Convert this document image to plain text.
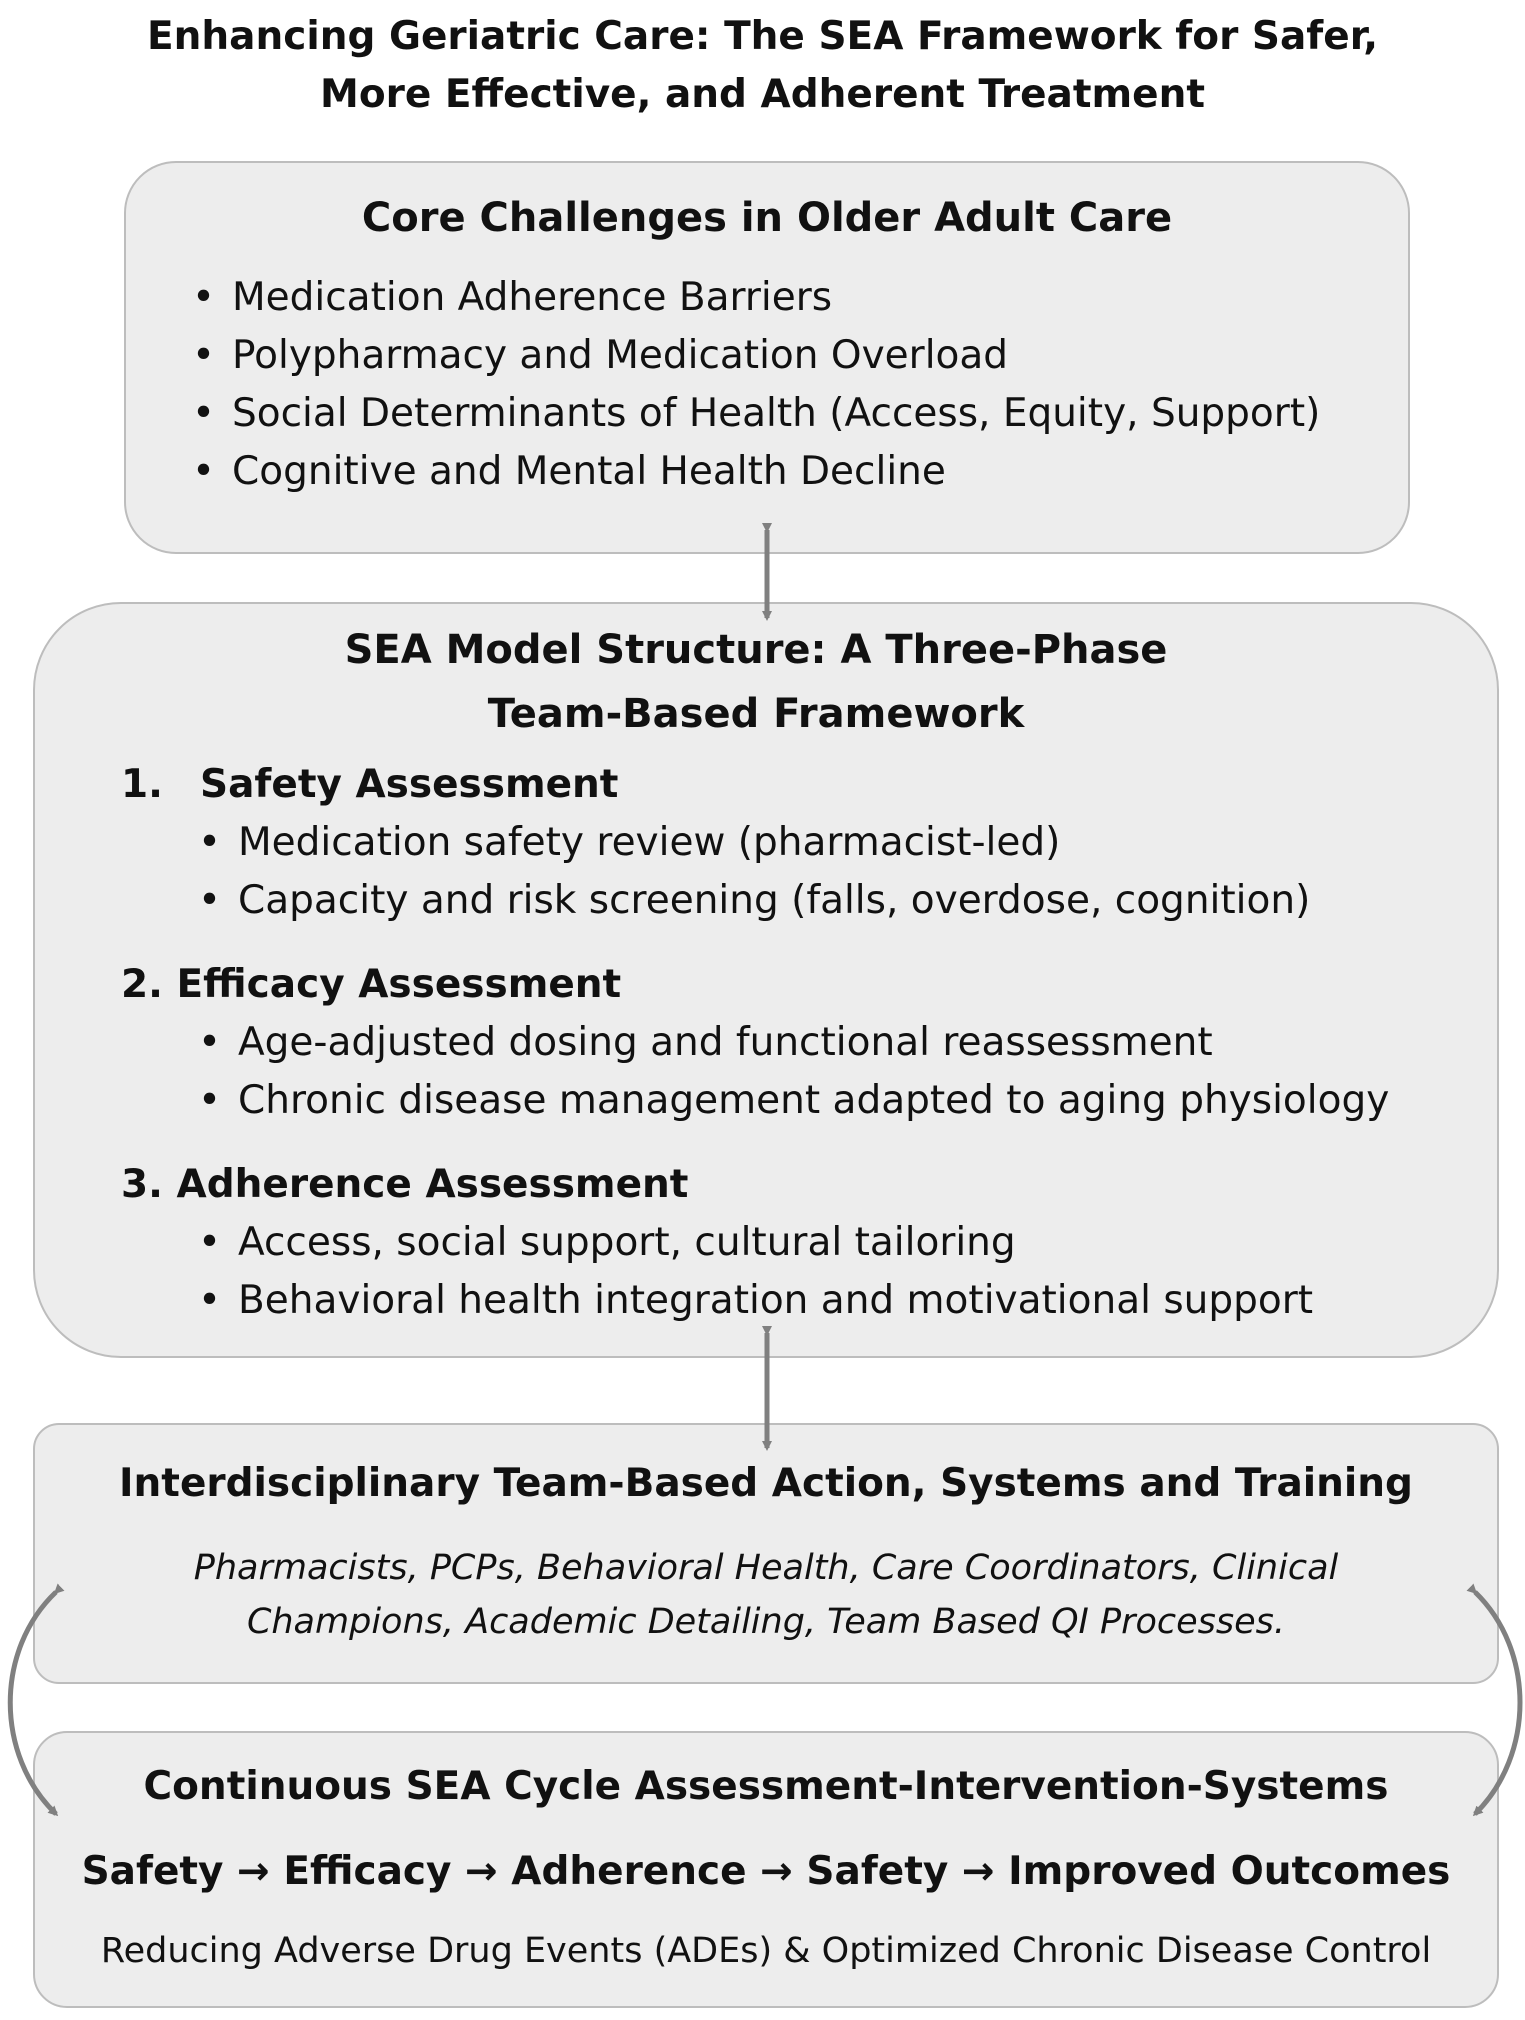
Enhancing Geriatric Care: The SEA Framework for Safer,
More Effective, and Adherent Treatment
Core Challenges in Older Adult Care
• Medication Adherence Barriers
• Polypharmacy and Medication Overload
• Social Determinants of Health (Access, Equity, Support)
• Cognitive and Mental Health Decline
SEA Model Structure: A Three-Phase
Team-Based Framework
1. Safety Assessment
• Medication safety review (pharmacist-led)
• Capacity and risk screening (falls, overdose, cognition)
2. Efficacy Assessment
• Age-adjusted dosing and functional reassessment
• Chronic disease management adapted to aging physiology
3. Adherence Assessment
• Access, social support, cultural tailoring
• Behavioral health integration and motivational support
Interdisciplinary Team-Based Action, Systems and Training
Pharmacists, PCPs, Behavioral Health, Care Coordinators, Clinical
Champions, Academic Detailing, Team Based QI Processes.
Continuous SEA Cycle Assessment-Intervention-Systems
Safety → Efficacy → Adherence → Safety → Improved Outcomes
Reducing Adverse Drug Events (ADEs) & Optimized Chronic Disease Control
